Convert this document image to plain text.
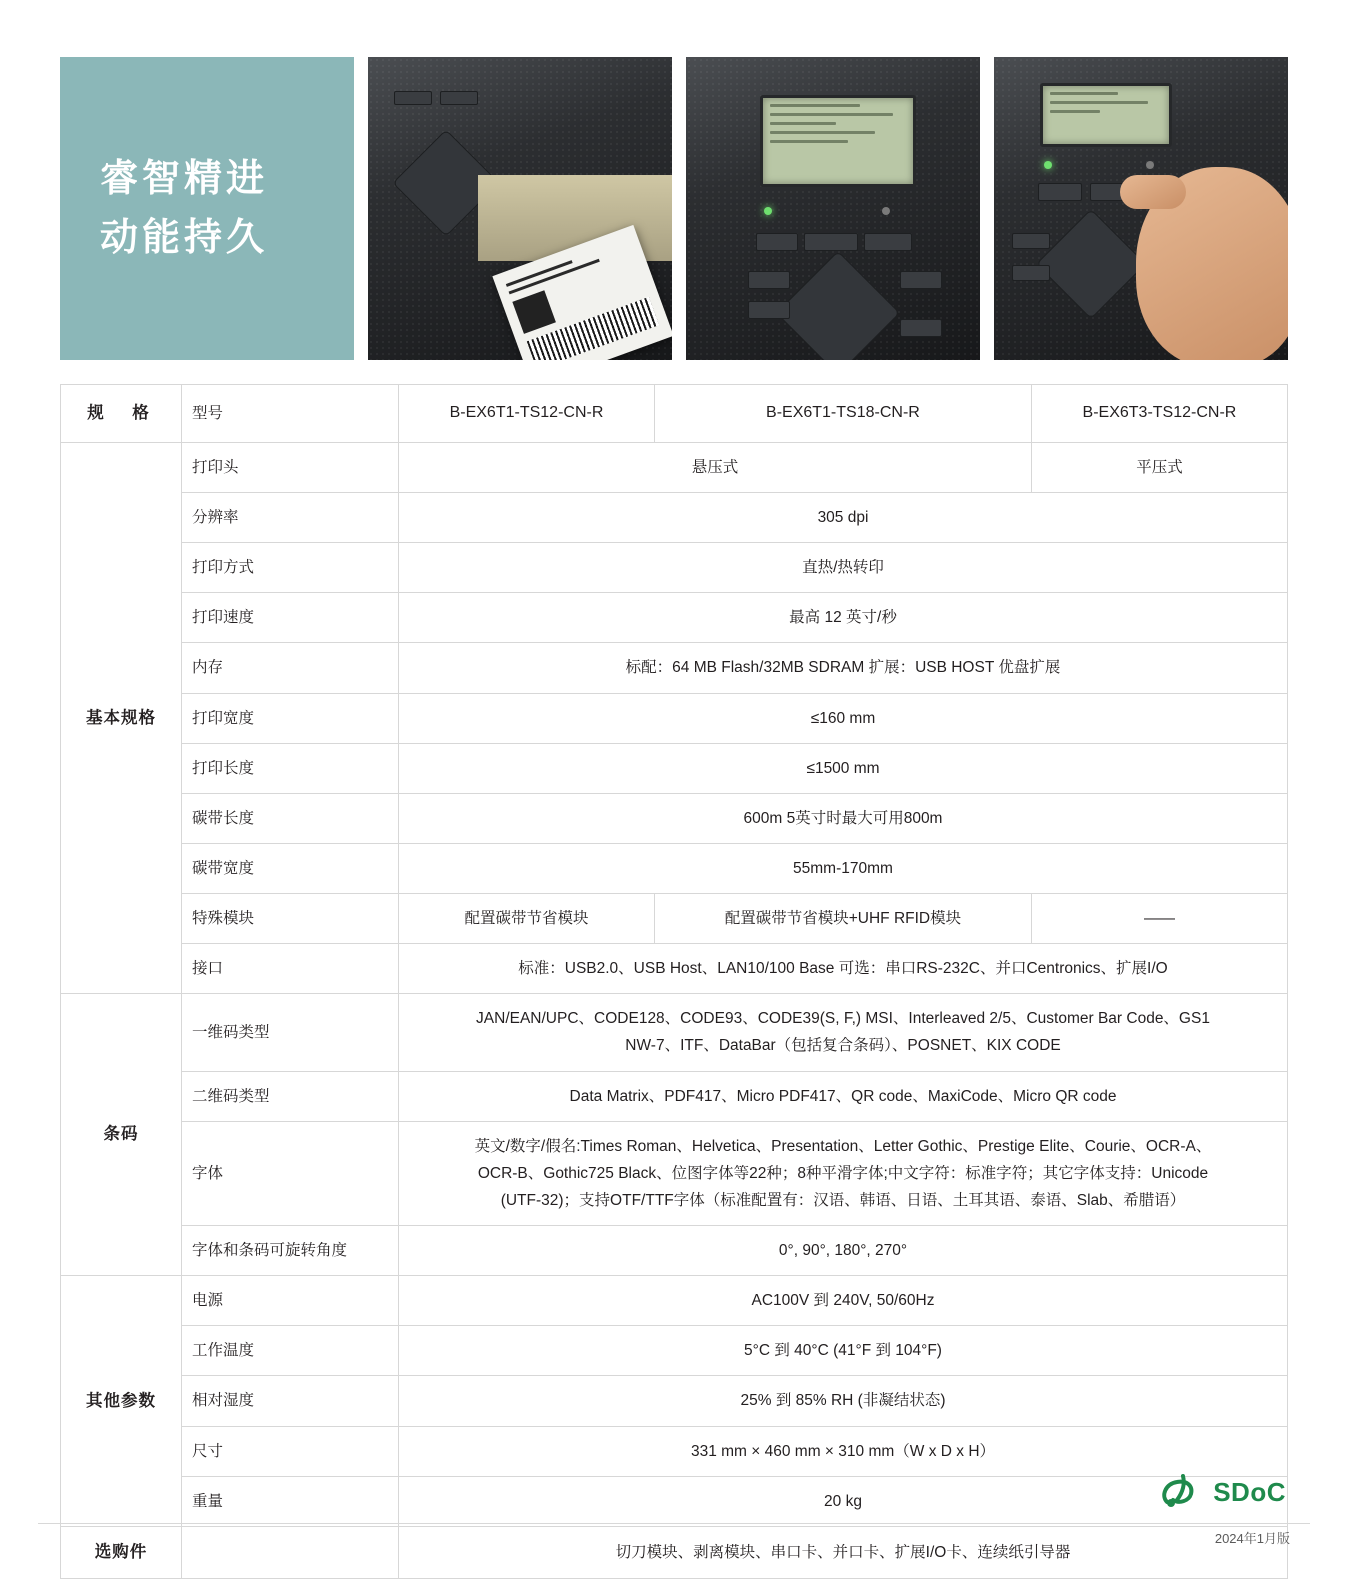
睿智精进
动能持久
规　格	型号	B-EX6T1-TS12-CN-R	B-EX6T1-TS18-CN-R	B-EX6T3-TS12-CN-R
基本规格	打印头	悬压式		平压式
	分辨率	305 dpi		
	打印方式	直热/热转印		
	打印速度	最高 12 英寸/秒		
	内存	标配：64 MB Flash/32MB SDRAM 扩展：USB HOST 优盘扩展		
	打印宽度	≤160 mm		
	打印长度	≤1500 mm		
	碳带长度	600m 5英寸时最大可用800m		
	碳带宽度	55mm-170mm		
	特殊模块	配置碳带节省模块	配置碳带节省模块+UHF RFID模块	——
	接口	标准：USB2.0、USB Host、LAN10/100 Base 可选：串口RS-232C、并口Centronics、扩展I/O		
条码	一维码类型	JAN/EAN/UPC、CODE128、CODE93、CODE39(S, F,) MSI、Interleaved 2/5、Customer Bar Code、GS1
NW-7、ITF、DataBar（包括复合条码）、POSNET、KIX CODE		
	二维码类型	Data Matrix、PDF417、Micro PDF417、QR code、MaxiCode、Micro QR code		
	字体	英文/数字/假名:Times Roman、Helvetica、Presentation、Letter Gothic、Prestige Elite、Courie、OCR-A、
OCR-B、Gothic725 Black、位图字体等22种；8种平滑字体;中文字符：标准字符；其它字体支持：Unicode
(UTF-32)；支持OTF/TTF字体（标准配置有：汉语、韩语、日语、土耳其语、泰语、Slab、希腊语）		
	字体和条码可旋转角度	0°, 90°, 180°, 270°		
其他参数	电源	AC100V 到 240V, 50/60Hz		
	工作温度	5°C 到 40°C (41°F 到 104°F)		
	相对湿度	25% 到 85% RH (非凝结状态)		
	尺寸	331 mm × 460 mm × 310 mm（W x D x H）		
	重量	20 kg		
选购件		切刀模块、剥离模块、串口卡、并口卡、扩展I/O卡、连续纸引导器		
SDoC
2024年1月版
